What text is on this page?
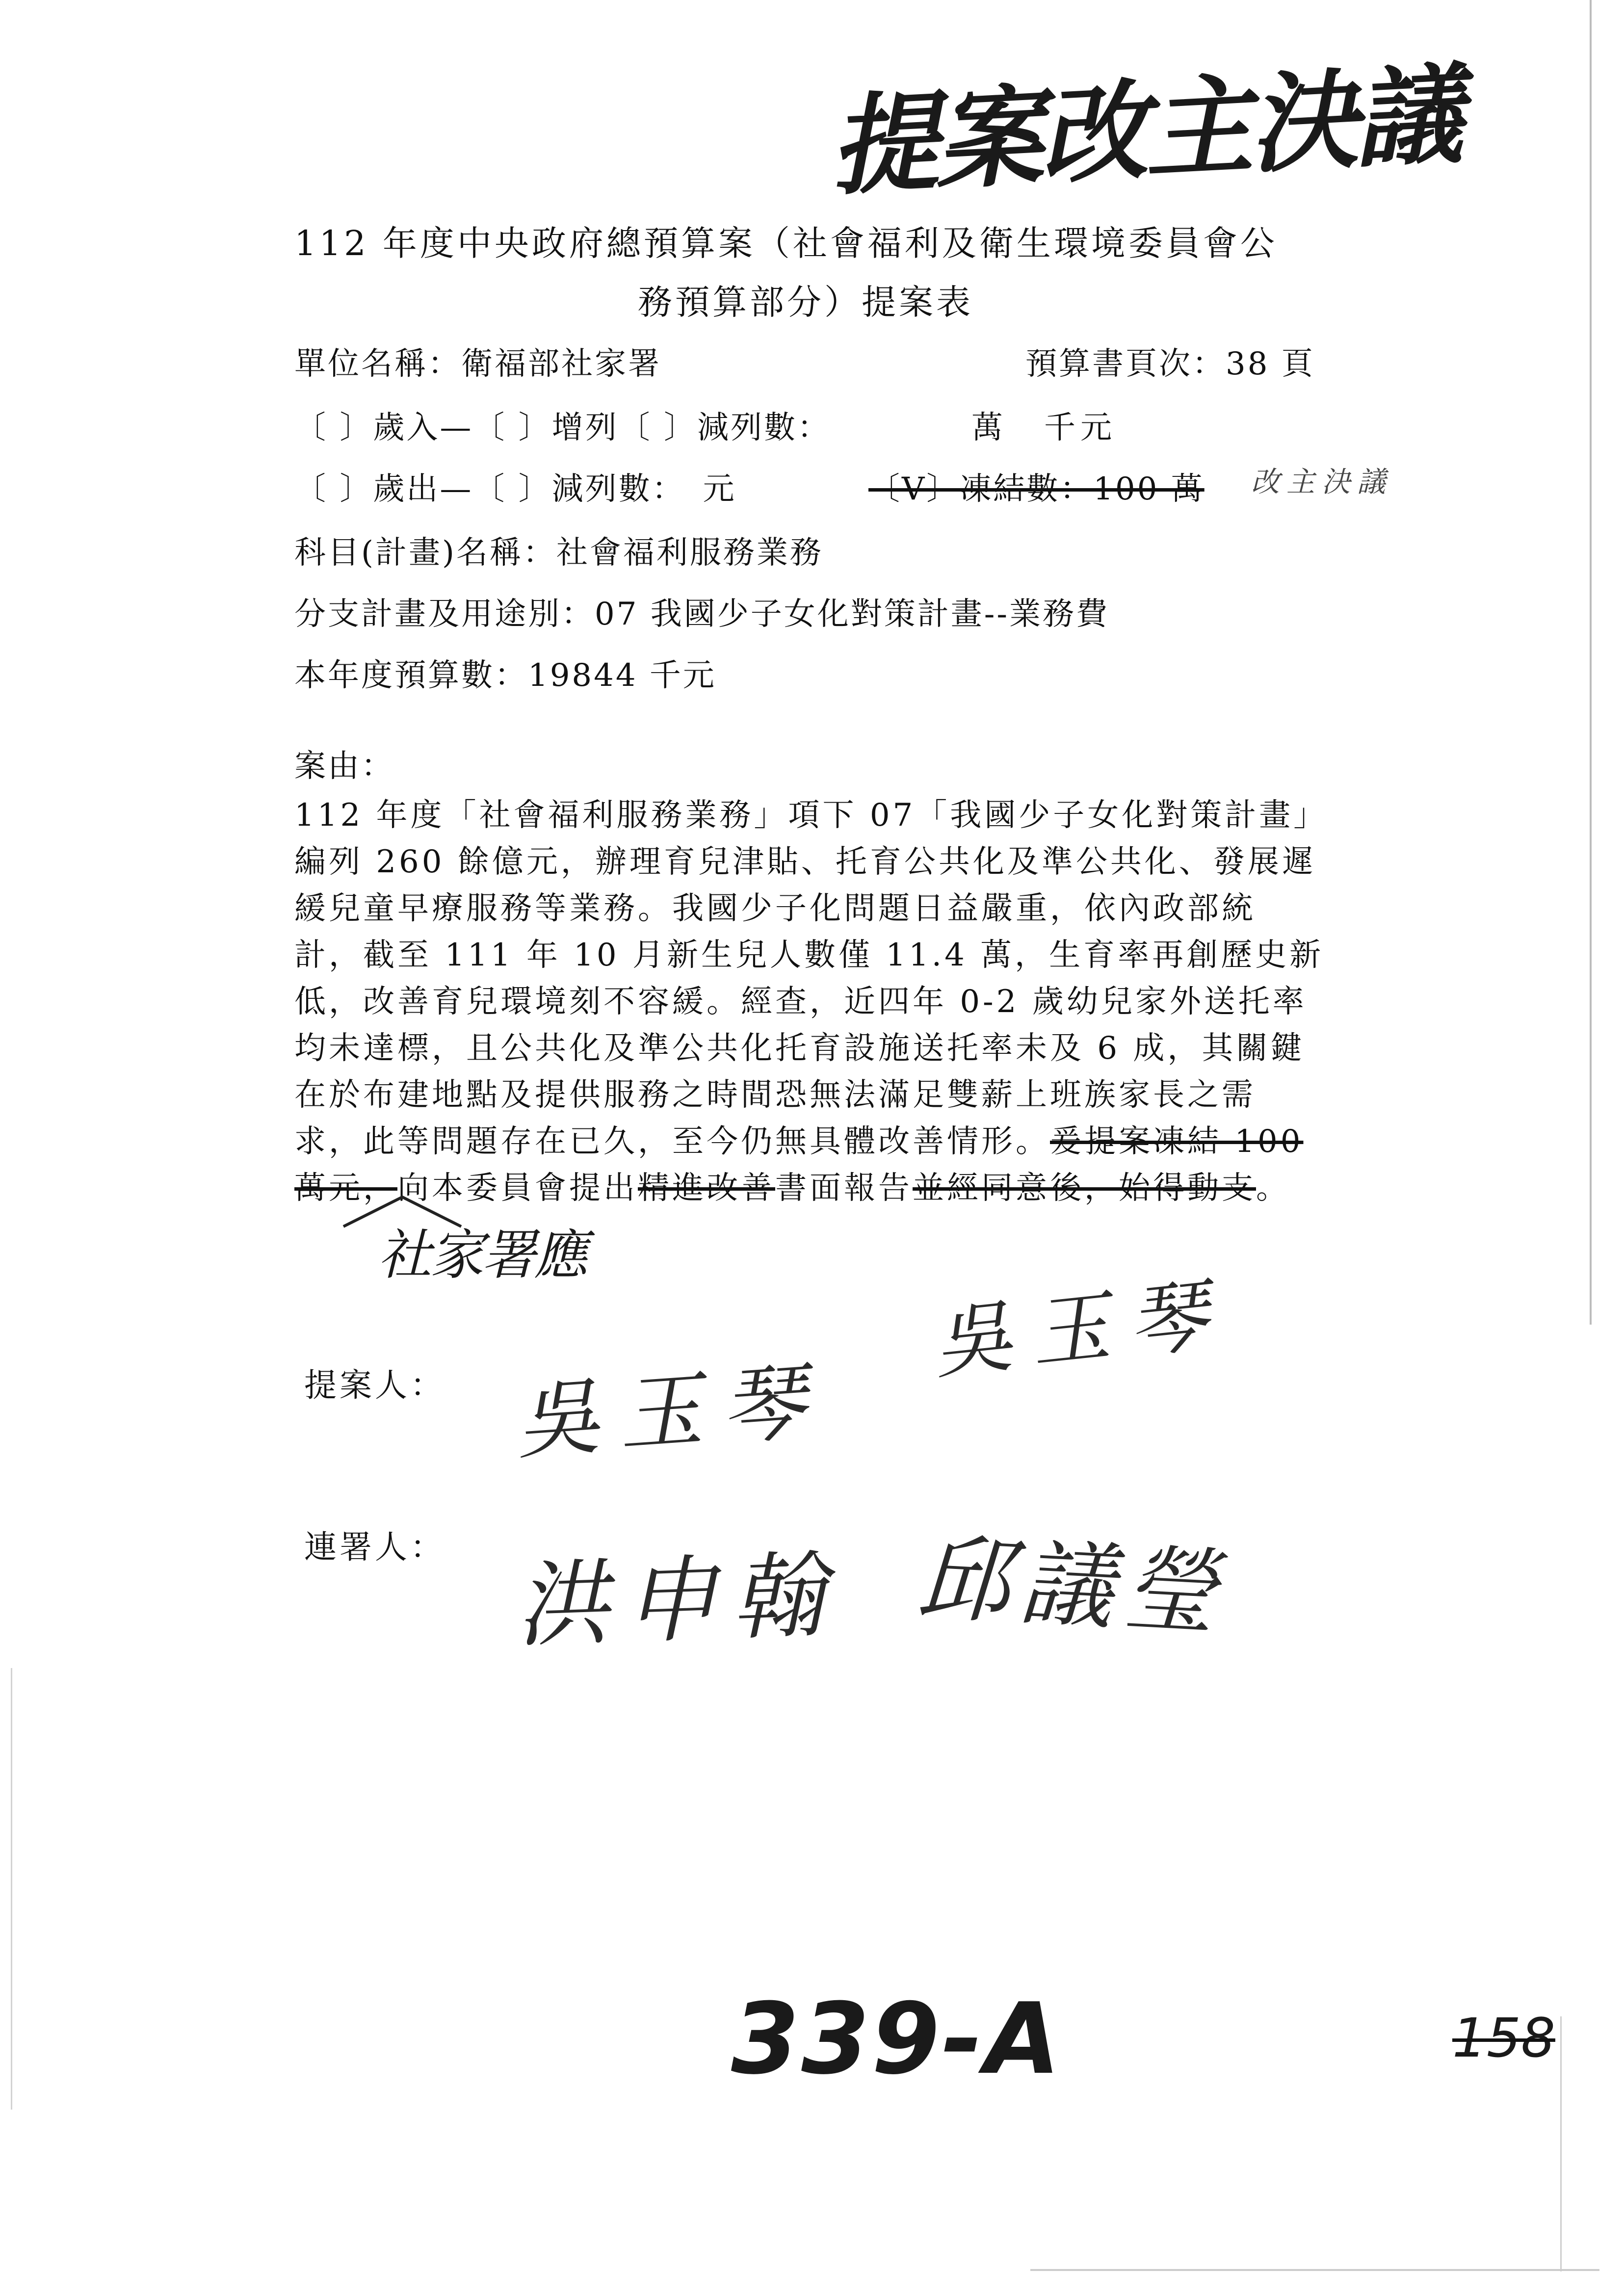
提案改主決議
112 年度中央政府總預算案（社會福利及衛生環境委員會公
務預算部分）提案表
單位名稱：衛福部社家署	預算書頁次：38 頁
〔 〕歲入—〔 〕增列〔 〕減列數：	萬　千元
〔 〕歲出—〔 〕減列數：　元	〔V〕凍結數：100 萬 改主決議
科目(計畫)名稱：社會福利服務業務
分支計畫及用途別：07 我國少子女化對策計畫--業務費
本年度預算數：19844 千元
案由：
112 年度「社會福利服務業務」項下 07「我國少子女化對策計畫」
編列 260 餘億元，辦理育兒津貼、托育公共化及準公共化、發展遲
緩兒童早療服務等業務。我國少子化問題日益嚴重，依內政部統
計，截至 111 年 10 月新生兒人數僅 11.4 萬，生育率再創歷史新
低，改善育兒環境刻不容緩。經查，近四年 0-2 歲幼兒家外送托率
均未達標，且公共化及準公共化托育設施送托率未及 6 成，其關鍵
在於布建地點及提供服務之時間恐無法滿足雙薪上班族家長之需
求，此等問題存在已久，至今仍無具體改善情形。爰提案凍結 100
萬元，向本委員會提出精進改善書面報告並經同意後，始得動支。
社家署應
提案人： 吳玉琴
吳玉琴
連署人： 洪申翰 邱議瑩
339-A	158
